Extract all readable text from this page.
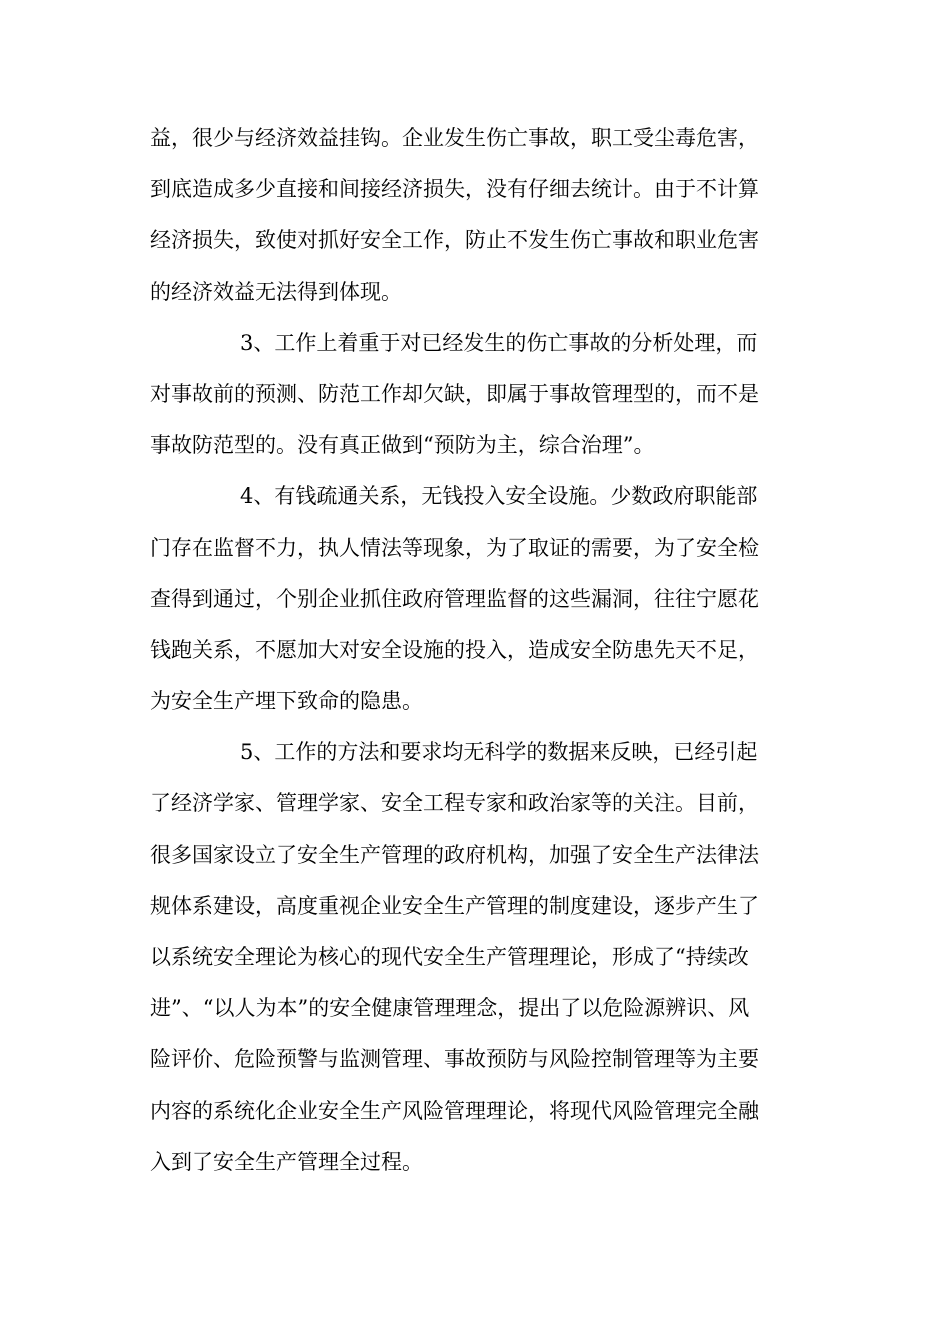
益，很少与经济效益挂钩。企业发生伤亡事故，职工受尘毒危害，
到底造成多少直接和间接经济损失，没有仔细去统计。由于不计算
经济损失，致使对抓好安全工作，防止不发生伤亡事故和职业危害
的经济效益无法得到体现。
3、工作上着重于对已经发生的伤亡事故的分析处理，而
对事故前的预测、防范工作却欠缺，即属于事故管理型的，而不是
事故防范型的。没有真正做到“预防为主，综合治理”。
4、有钱疏通关系，无钱投入安全设施。少数政府职能部
门存在监督不力，执人情法等现象，为了取证的需要，为了安全检
查得到通过，个别企业抓住政府管理监督的这些漏洞，往往宁愿花
钱跑关系，不愿加大对安全设施的投入，造成安全防患先天不足，
为安全生产埋下致命的隐患。
5、工作的方法和要求均无科学的数据来反映，已经引起
了经济学家、管理学家、安全工程专家和政治家等的关注。目前，
很多国家设立了安全生产管理的政府机构，加强了安全生产法律法
规体系建设，高度重视企业安全生产管理的制度建设，逐步产生了
以系统安全理论为核心的现代安全生产管理理论，形成了“持续改
进”、“以人为本”的安全健康管理理念，提出了以危险源辨识、风
险评价、危险预警与监测管理、事故预防与风险控制管理等为主要
内容的系统化企业安全生产风险管理理论，将现代风险管理完全融
入到了安全生产管理全过程。
